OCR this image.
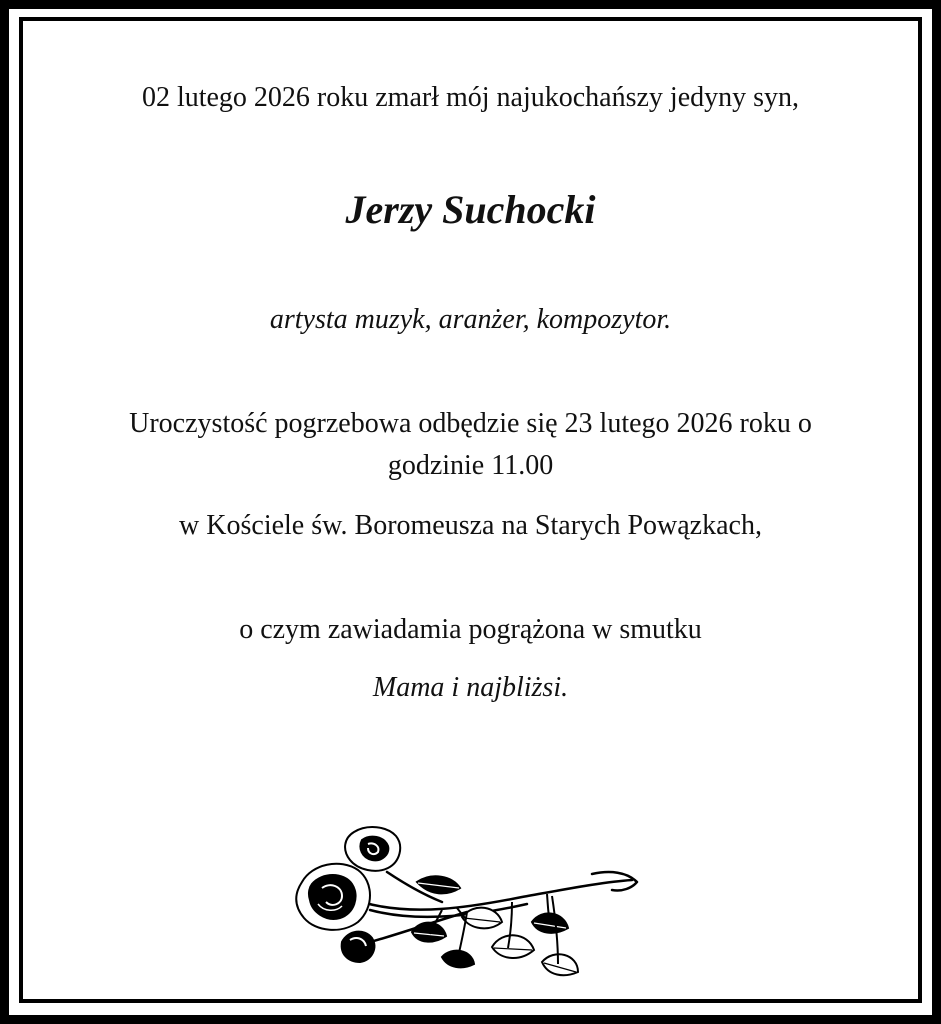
02 lutego 2026 roku zmarł mój najukochańszy jedyny syn,
Jerzy Suchocki
artysta muzyk, aranżer, kompozytor.
Uroczystość pogrzebowa odbędzie się 23 lutego 2026 roku o
godzinie 11.00
w Kościele św. Boromeusza na Starych Powązkach,
o czym zawiadamia pogrążona w smutku
Mama i najbliżsi.
